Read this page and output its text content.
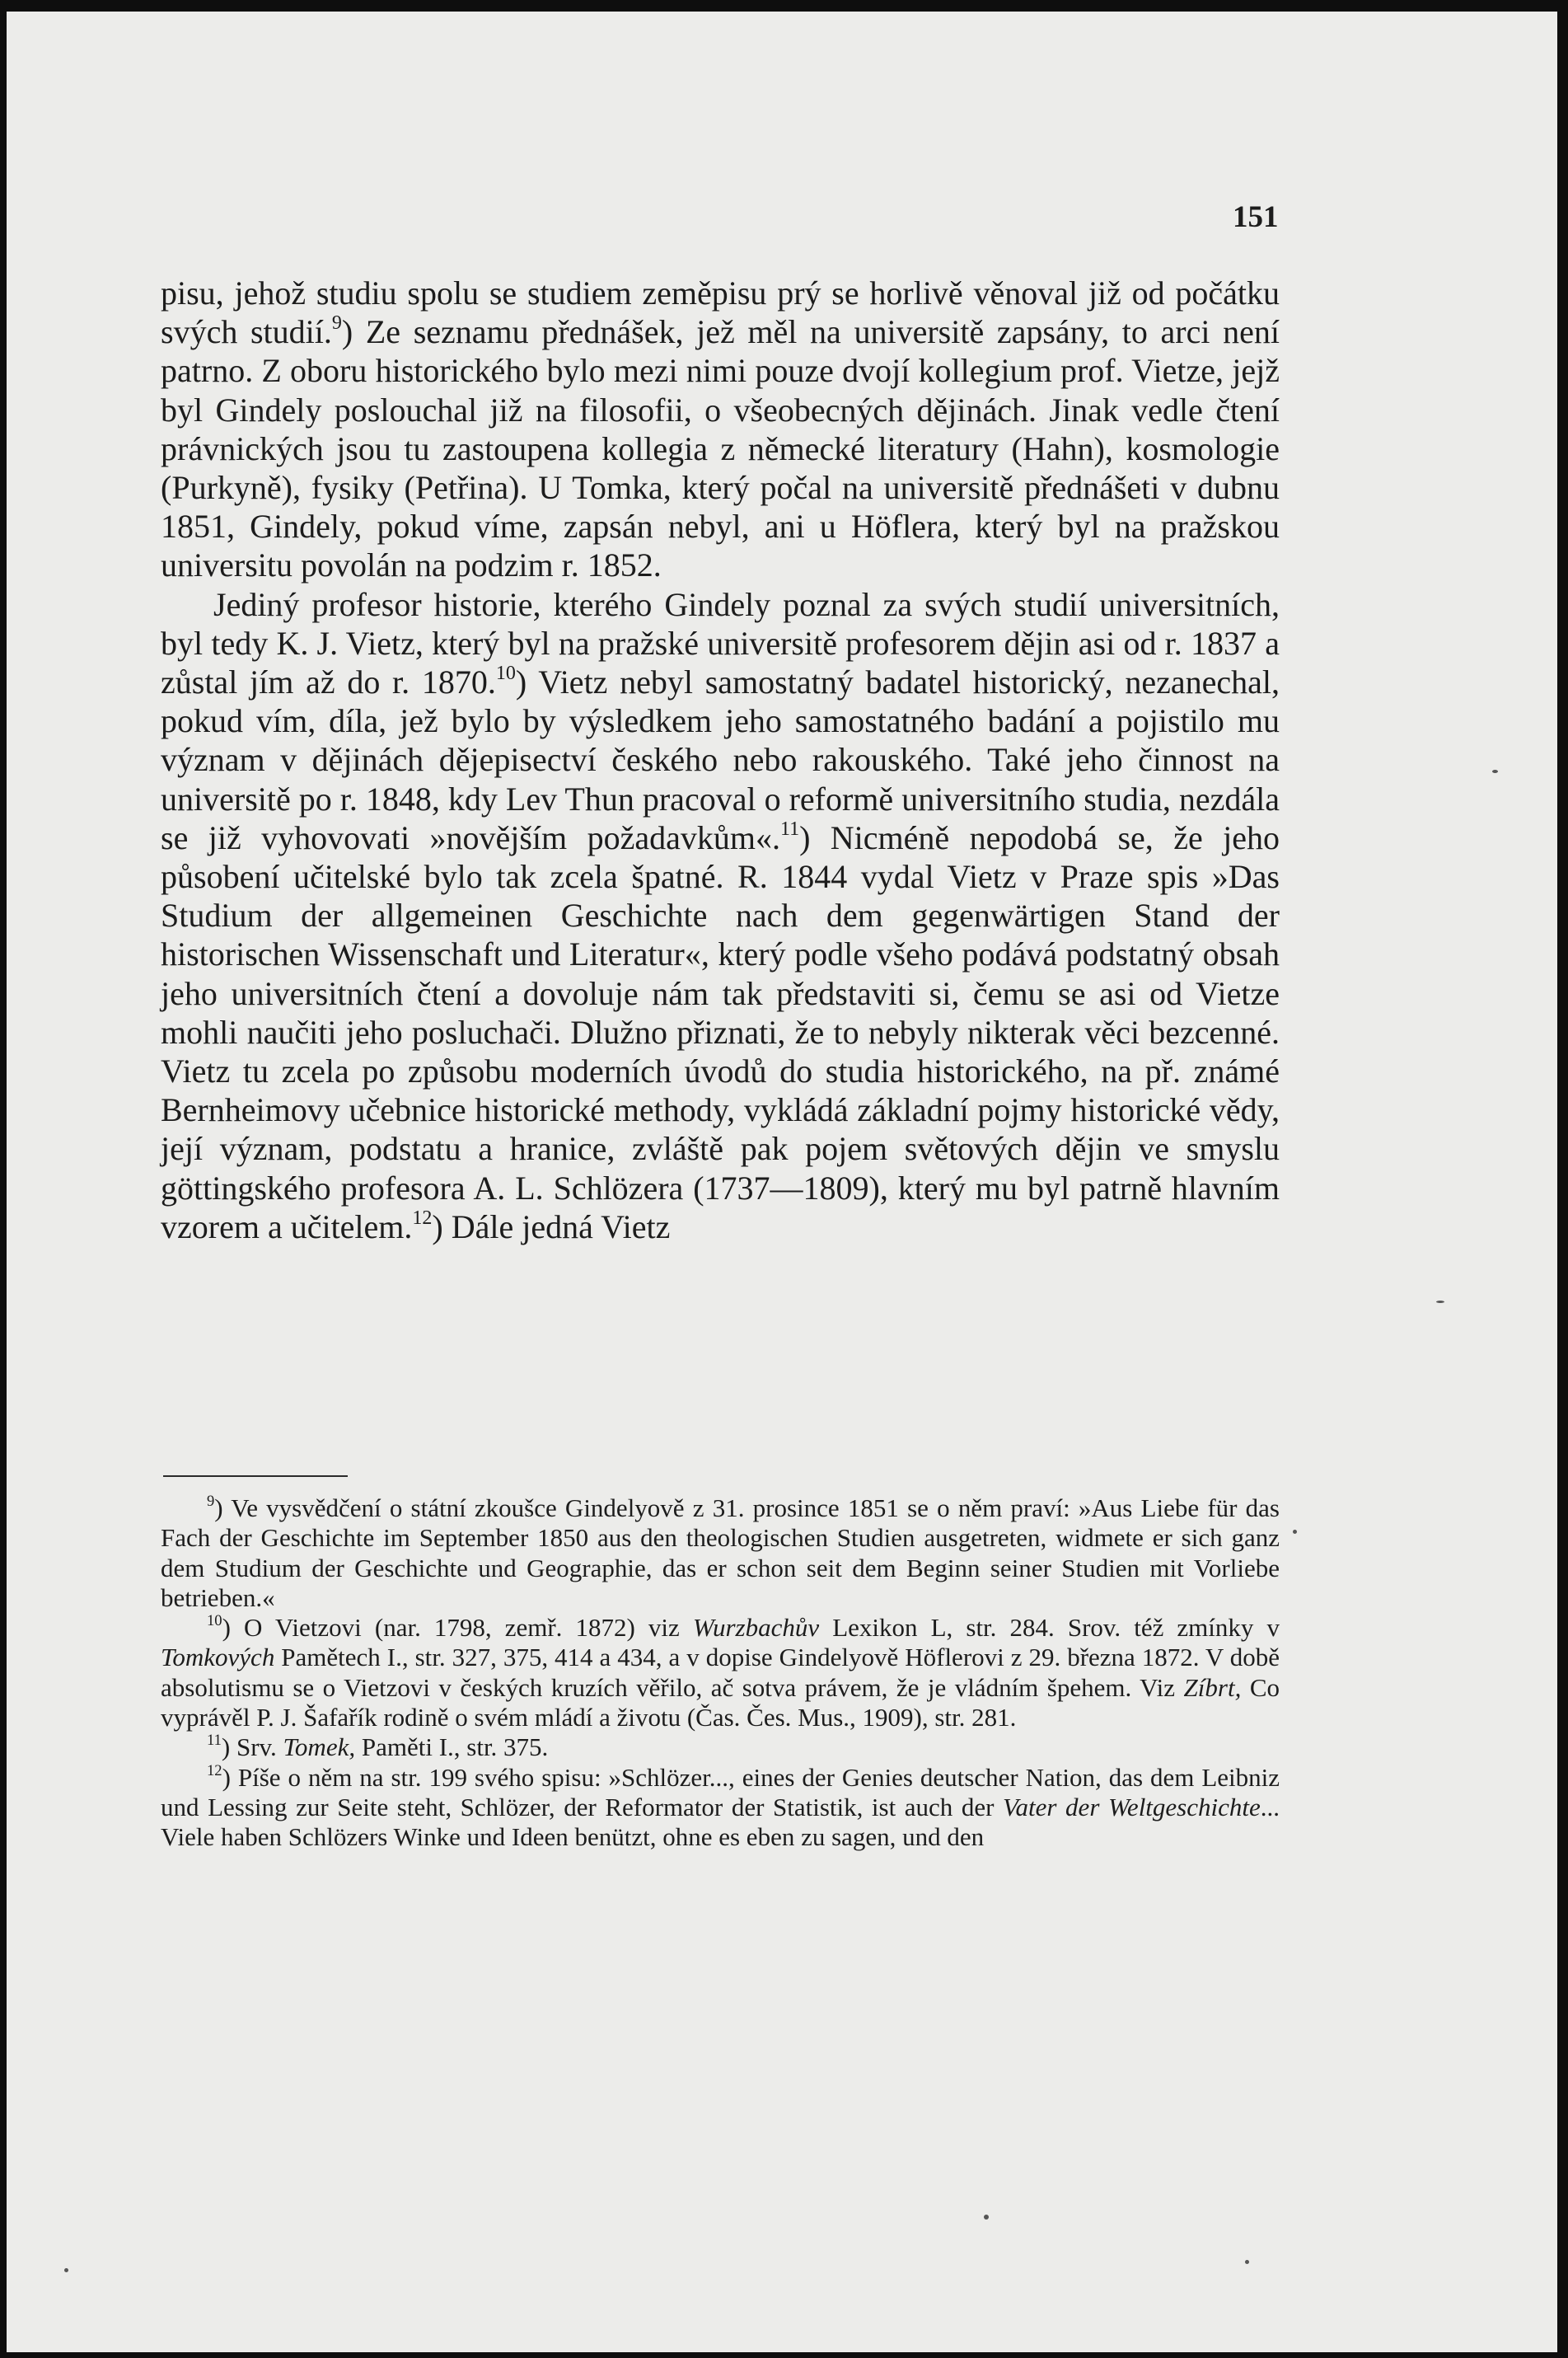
151

pisu, jehož studiu spolu se studiem zeměpisu prý se horlivě věnoval již od počátku svých studií.$^9$) Ze seznamu přednášek, jež měl na universitě zapsány, to arci není patrno. Z oboru historického bylo mezi nimi pouze dvojí kollegium prof. Vietze, jejž byl Gindely poslouchal již na filosofii, o všeobecných dějinách. Jinak vedle čtení právnických jsou tu zastoupena kollegia z německé literatury (Hahn), kosmologie (Purkyně), fysiky (Petřina). U Tomka, který počal na universitě přednášeti v dubnu 1851, Gindely, pokud víme, zapsán nebyl, ani u Höflera, který byl na pražskou universitu povolán na podzim r. 1852.

Jediný profesor historie, kterého Gindely poznal za svých studií universitních, byl tedy K. J. Vietz, který byl na pražské universitě profesorem dějin asi od r. 1837 a zůstal jím až do r. 1870.10) Vietz nebyl samostatný badatel historický, nezanechal, pokud vím, díla, jež bylo by výsledkem jeho samostatného badání a pojistilo mu význam v dějinách dějepisectví českého nebo rakouského. Také jeho činnost na universitě po r. 1848, kdy Lev Thun pracoval o reformě universitního studia, nezdála se již vyhovovati »novějším požadavkům«.$^{11}$) Nicméně nepodobá se, že jeho působení učitelské bylo tak zcela špatné. R. 1844 vydal Vietz v Praze spis »Das Studium der allgemeinen Geschichte nach dem gegenwärtigen Stand der historischen Wissenschaft und Literatur«, který podle všeho podává podstatný obsah jeho universitních čtení a dovoluje nám tak představiti si, čemu se asi od Vietze mohli naučiti jeho posluchači. Dlužno přiznati, že to nebyly nikterak věci bezcenné. Vietz tu zcela po způsobu moderních úvodů do studia historického, na př. známé Bernheimovy učebnice historické methody, vykládá základní pojmy historické vědy, její význam, podstatu a hranice, zvláště pak pojem světových dějin ve smyslu göttingského profesora A. L. Schlözera (1737—1809), který mu byl patrně hlavním vzorem a učitelem.$^{12}$) Dále jedná Vietz

$^9$) Ve vysvědčení o státní zkoušce Gindelyově z 31. prosince 1851 se o něm praví: »Aus Liebe für das Fach der Geschichte im September 1850 aus den theologischen Studien ausgetreten, widmete er sich ganz dem Studium der Geschichte und Geographie, das er schon seit dem Beginn seiner Studien mit Vorliebe betrieben.«

$^{10}$) O Vietzovi (nar. 1798, zemř. 1872) viz Wurzbachův Lexikon L, str. 284. Srov. též zmínky v Tomkových Pamětech I., str. 327, 375, 414 a 434, a v dopise Gindelyově Höflerovi z 29. března 1872. V době absolutismu se o Vietzovi v českých kruzích věřilo, ač sotva právem, že je vládním špehem. Viz Zíbrt, Co vyprávěl P. J. Šafařík rodině o svém mládí a životu (Čas. Čes. Mus., 1909), str. 281.

$^{11}$) Srv. Tomek, Paměti I., str. 375.

$^{12}$) Píše o něm na str. 199 svého spisu: »Schlözer..., eines der Genies deutscher Nation, das dem Leibniz und Lessing zur Seite steht, Schlözer, der Reformator der Statistik, ist auch der Vater der Weltgeschichte... Viele haben Schlözers Winke und Ideen benützt, ohne es eben zu sagen, und den
